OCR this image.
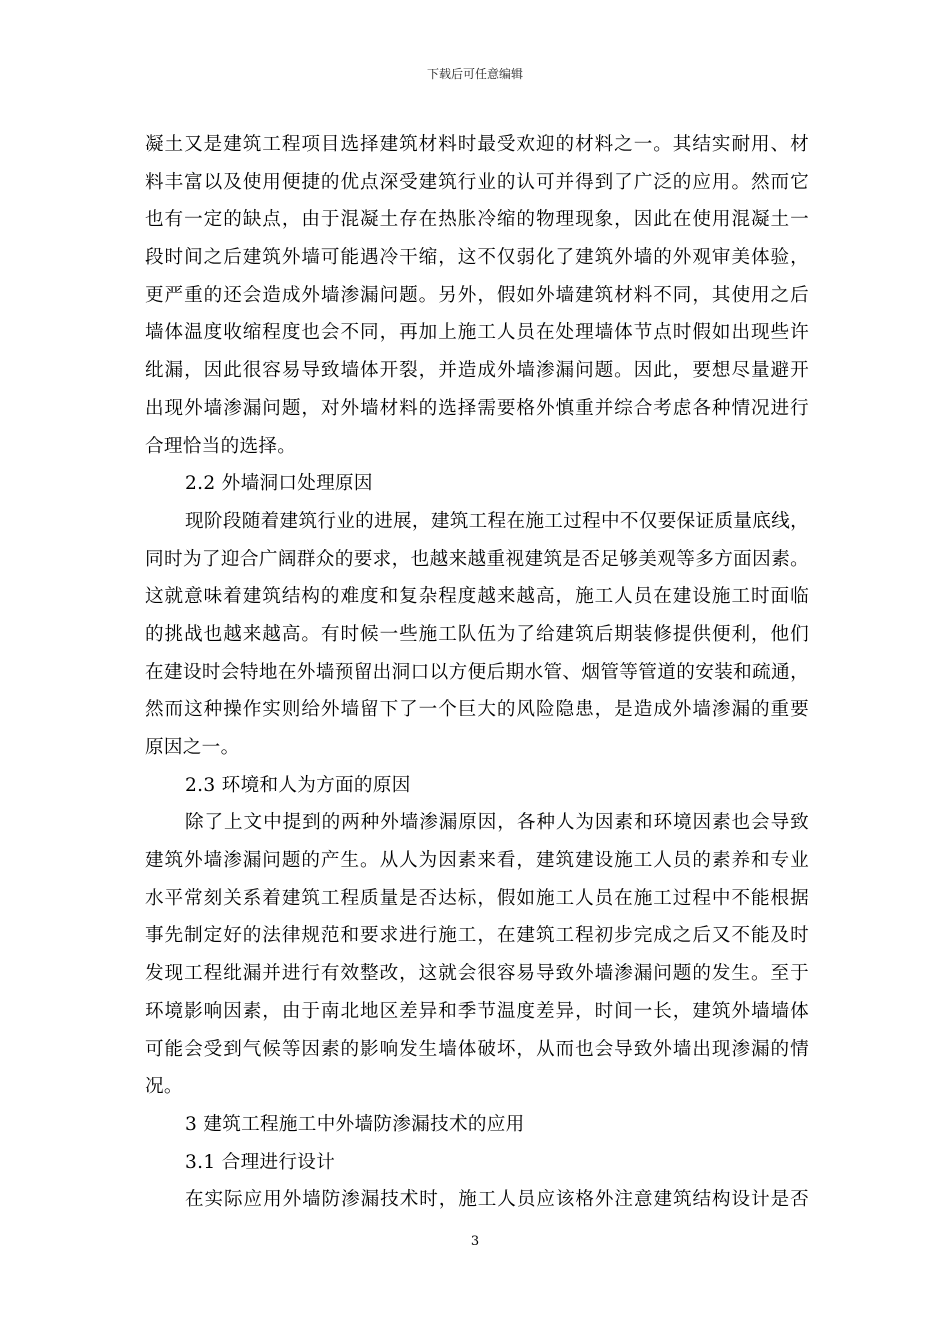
下载后可任意编辑
凝土又是建筑工程项目选择建筑材料时最受欢迎的材料之一。其结实耐用、材
料丰富以及使用便捷的优点深受建筑行业的认可并得到了广泛的应用。然而它
也有一定的缺点，由于混凝土存在热胀冷缩的物理现象，因此在使用混凝土一
段时间之后建筑外墙可能遇冷干缩，这不仅弱化了建筑外墙的外观审美体验，
更严重的还会造成外墙渗漏问题。另外，假如外墙建筑材料不同，其使用之后
墙体温度收缩程度也会不同，再加上施工人员在处理墙体节点时假如出现些许
纰漏，因此很容易导致墙体开裂，并造成外墙渗漏问题。因此，要想尽量避开
出现外墙渗漏问题，对外墙材料的选择需要格外慎重并综合考虑各种情况进行
合理恰当的选择。
2.2 外墙洞口处理原因
现阶段随着建筑行业的进展，建筑工程在施工过程中不仅要保证质量底线，
同时为了迎合广阔群众的要求，也越来越重视建筑是否足够美观等多方面因素。
这就意味着建筑结构的难度和复杂程度越来越高，施工人员在建设施工时面临
的挑战也越来越高。有时候一些施工队伍为了给建筑后期装修提供便利，他们
在建设时会特地在外墙预留出洞口以方便后期水管、烟管等管道的安装和疏通，
然而这种操作实则给外墙留下了一个巨大的风险隐患，是造成外墙渗漏的重要
原因之一。
2.3 环境和人为方面的原因
除了上文中提到的两种外墙渗漏原因，各种人为因素和环境因素也会导致
建筑外墙渗漏问题的产生。从人为因素来看，建筑建设施工人员的素养和专业
水平常刻关系着建筑工程质量是否达标，假如施工人员在施工过程中不能根据
事先制定好的法律规范和要求进行施工，在建筑工程初步完成之后又不能及时
发现工程纰漏并进行有效整改，这就会很容易导致外墙渗漏问题的发生。至于
环境影响因素，由于南北地区差异和季节温度差异，时间一长，建筑外墙墙体
可能会受到气候等因素的影响发生墙体破坏，从而也会导致外墙出现渗漏的情
况。
3 建筑工程施工中外墙防渗漏技术的应用
3.1 合理进行设计
在实际应用外墙防渗漏技术时，施工人员应该格外注意建筑结构设计是否
3
